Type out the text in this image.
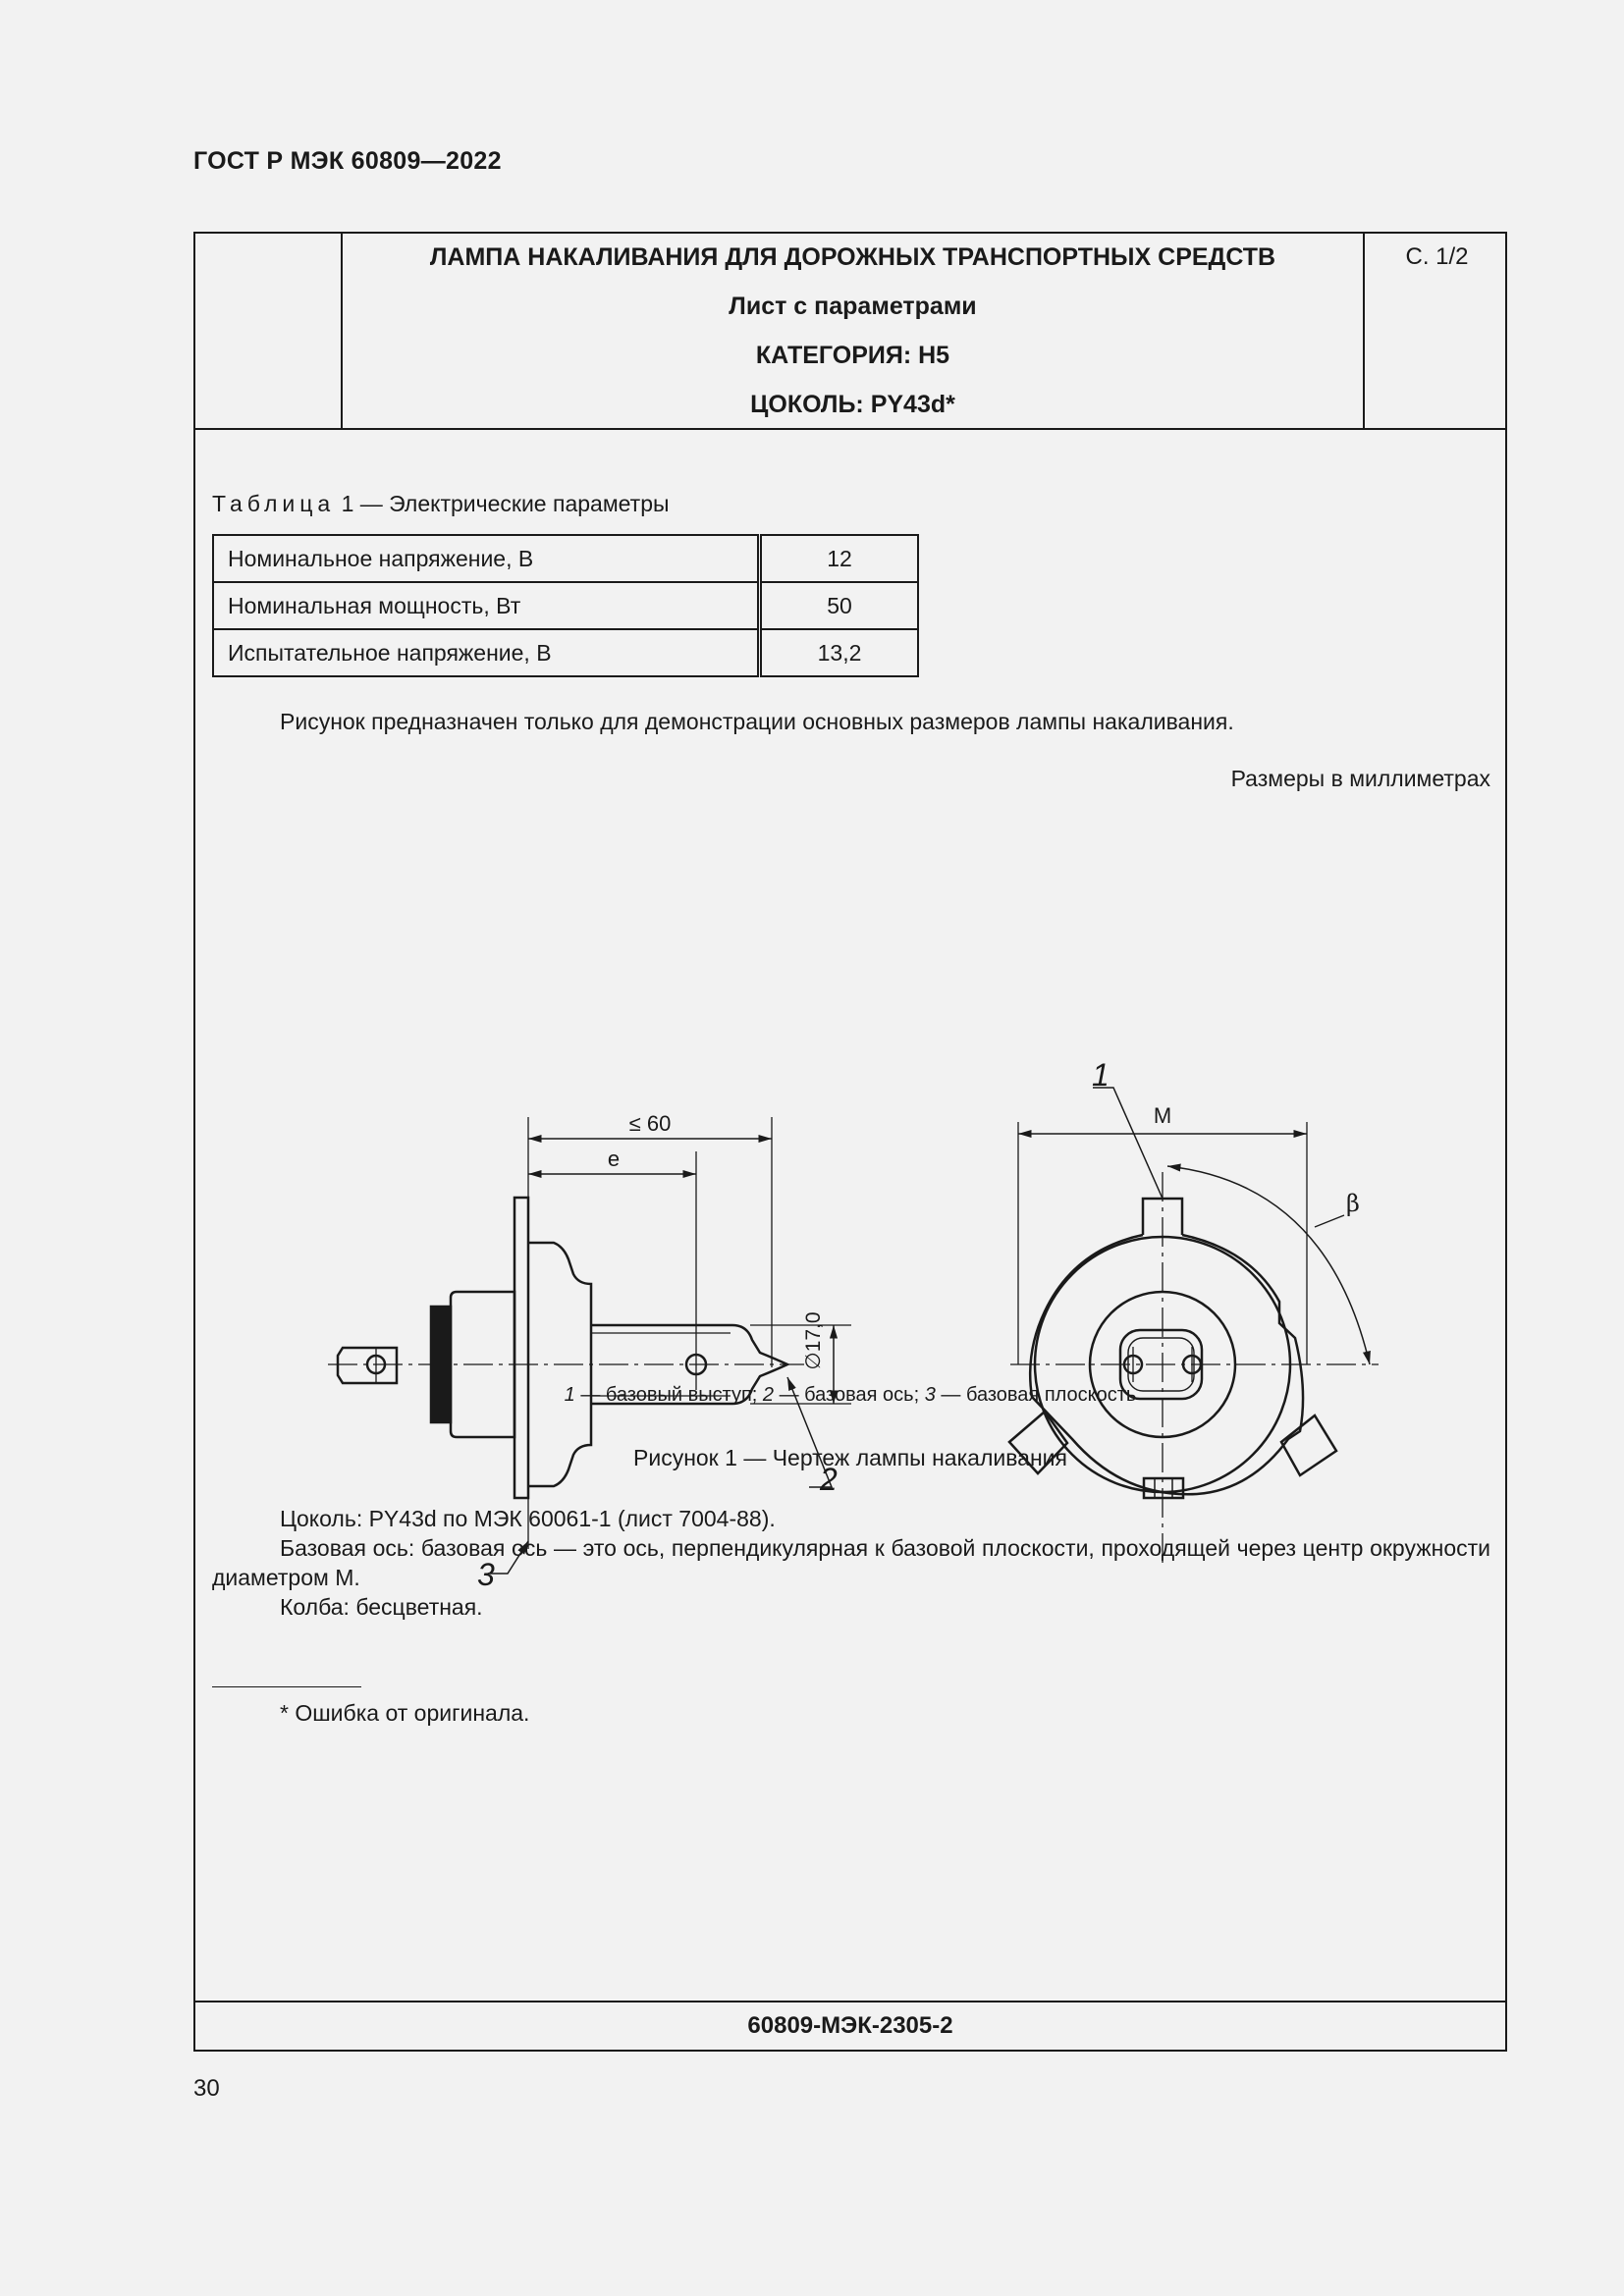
ГОСТ Р МЭК 60809—2022
ЛАМПА НАКАЛИВАНИЯ ДЛЯ ДОРОЖНЫХ ТРАНСПОРТНЫХ СРЕДСТВ
Лист с параметрами
КАТЕГОРИЯ: Н5
ЦОКОЛЬ: PY43d*
С. 1/2
Таблица 1 — Электрические параметры
Номинальное напряжение, В	12
Номинальная мощность, Вт	50
Испытательное напряжение, В	13,2
Рисунок предназначен только для демонстрации основных размеров лампы накаливания.
Размеры в миллиметрах
≤ 60
e
∅17,0
2
3
M
β
1
1 — базовый выступ; 2 — базовая ось; 3 — базовая плоскость
Рисунок 1 — Чертеж лампы накаливания

Цоколь: PY43d по МЭК 60061-1 (лист 7004-88).

Базовая ось: базовая ось — это ось, перпендикулярная к базовой плоскости, проходящей через центр окружности диаметром М.

Колба: бесцветная.

* Ошибка от оригинала.
60809-МЭК-2305-2
30
